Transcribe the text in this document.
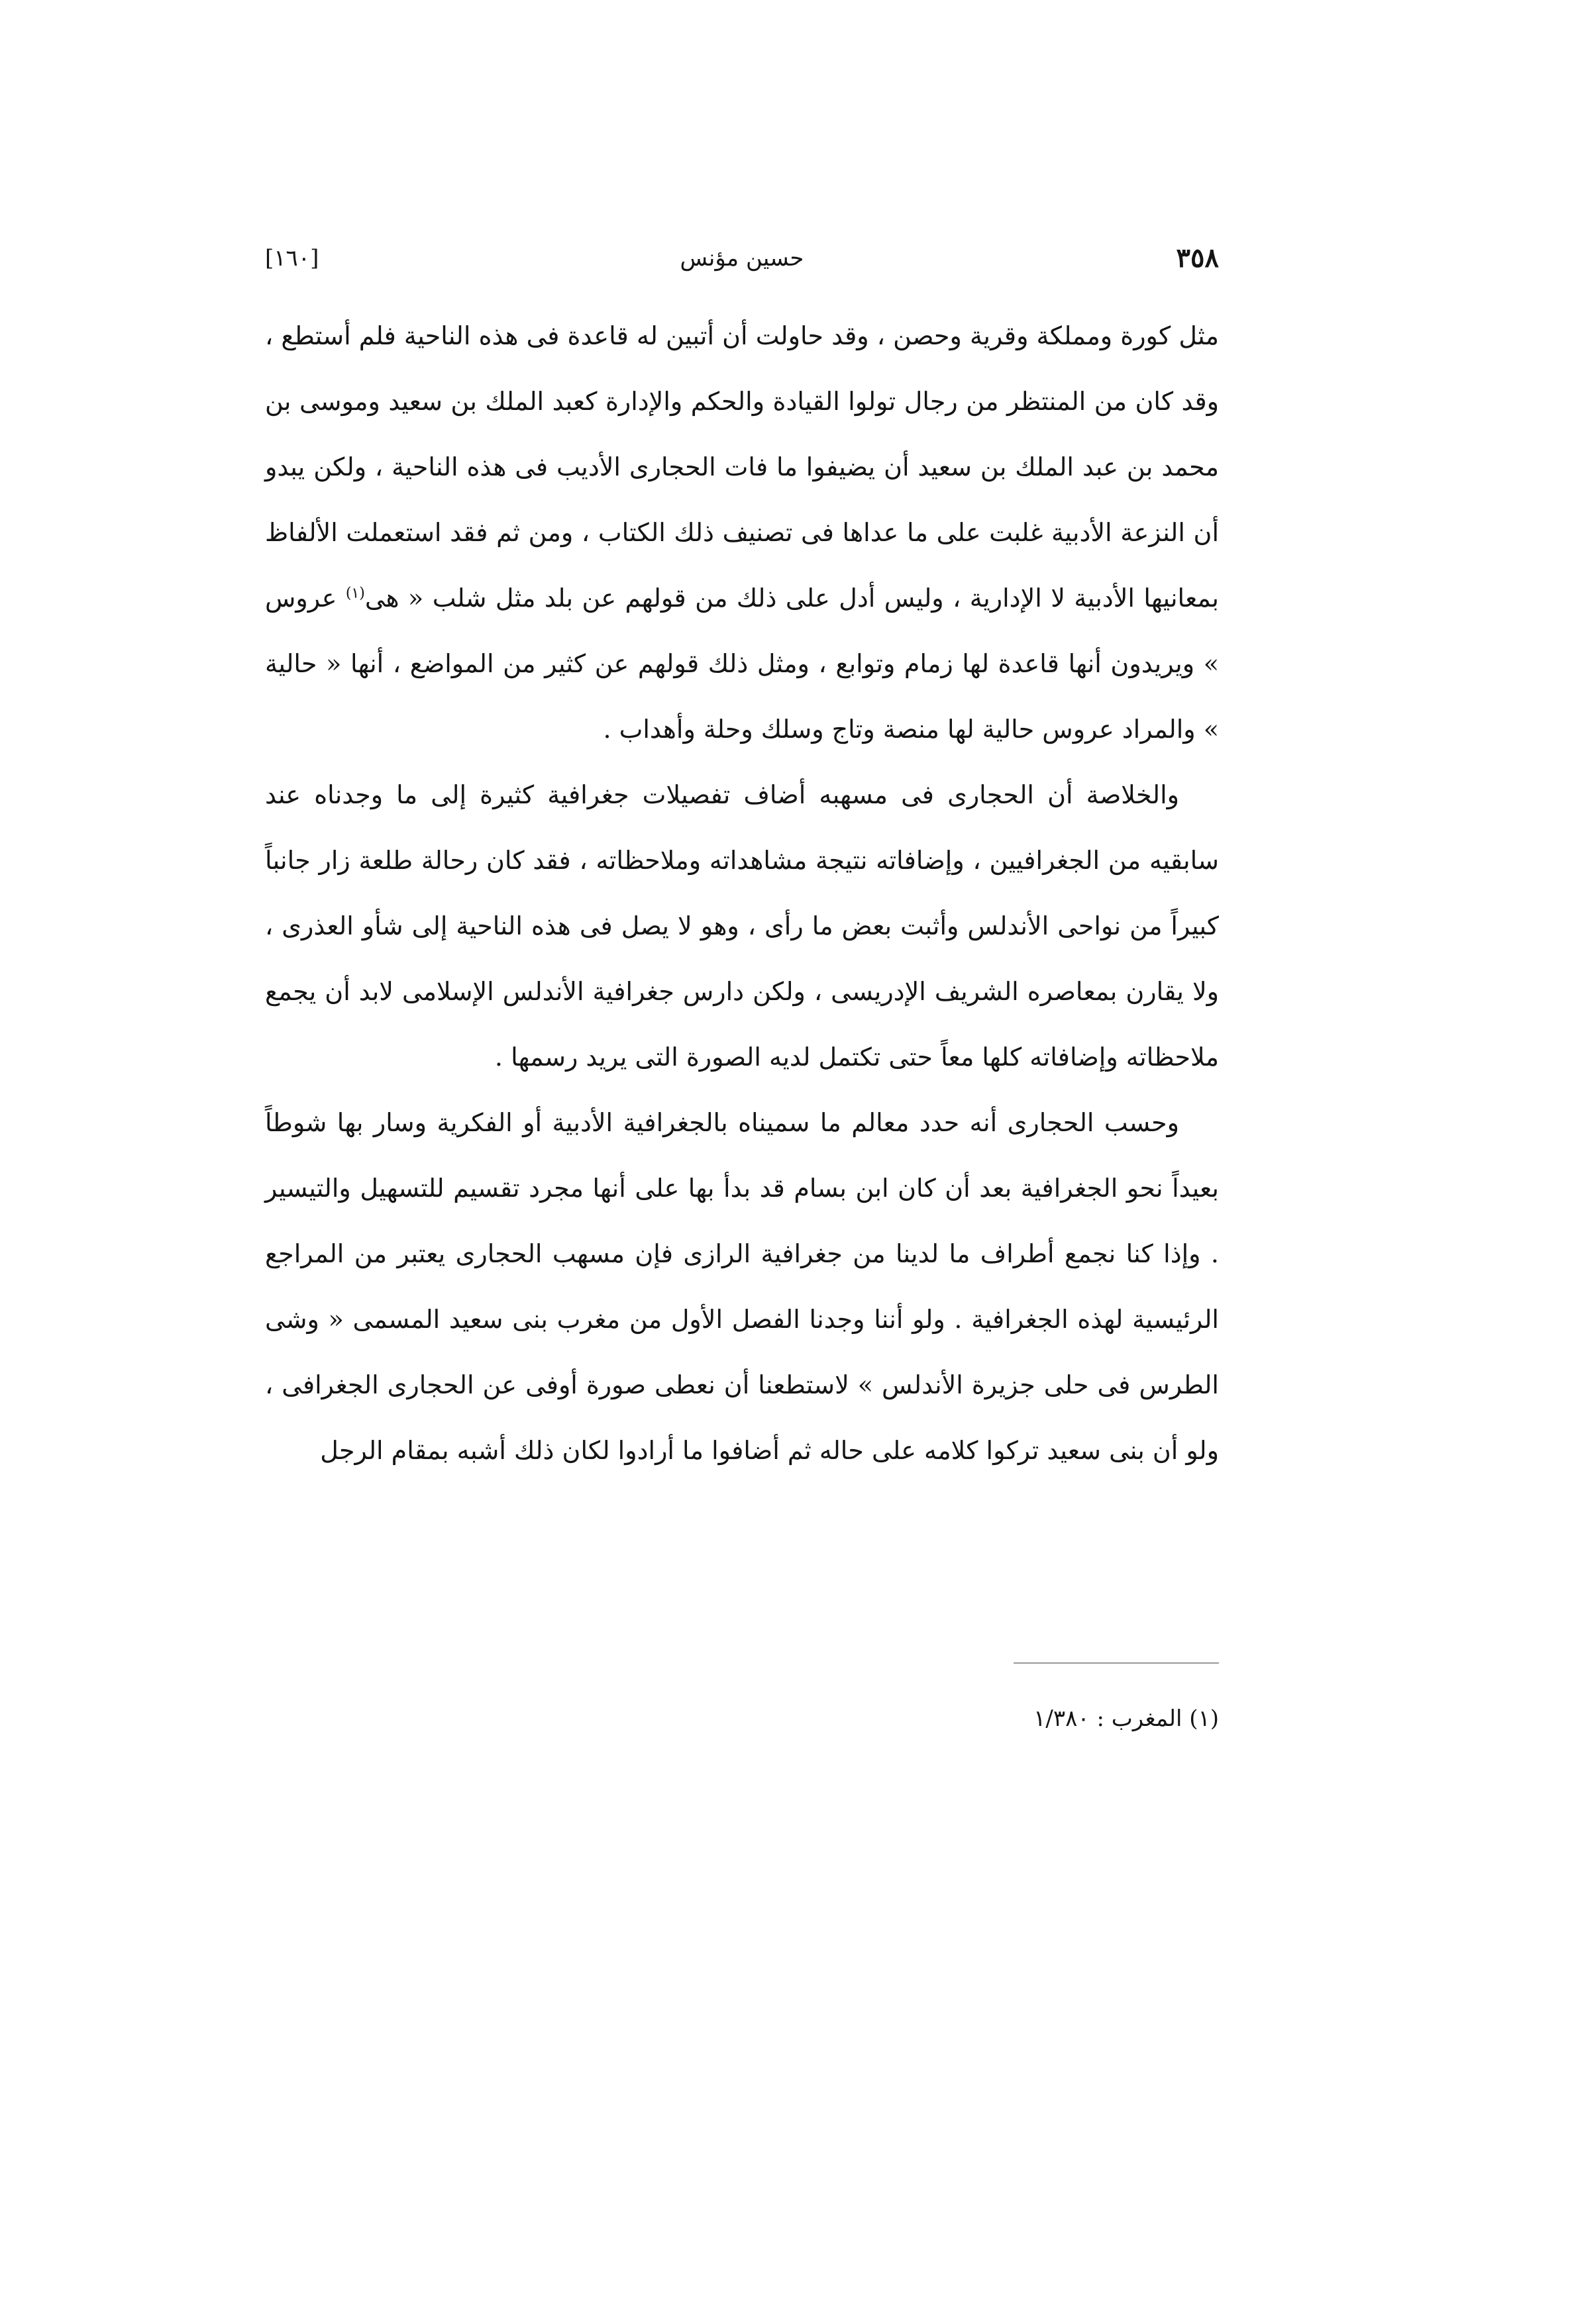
٣٥٨
حسين مؤنس
[١٦٠]

مثل كورة ومملكة وقرية وحصن ، وقد حاولت أن أتبين له قاعدة فى هذه الناحية فلم أستطع ، وقد كان من المنتظر من رجال تولوا القيادة والحكم والإدارة كعبد الملك بن سعيد وموسى بن محمد بن عبد الملك بن سعيد أن يضيفوا ما فات الحجارى الأديب فى هذه الناحية ، ولكن يبدو أن النزعة الأدبية غلبت على ما عداها فى تصنيف ذلك الكتاب ، ومن ثم فقد استعملت الألفاظ بمعانيها الأدبية لا الإدارية ، وليس أدل على ذلك من قولهم عن بلد مثل شلب « هى$^{(١)}$ عروس » ويريدون أنها قاعدة لها زمام وتوابع ، ومثل ذلك قولهم عن كثير من المواضع ، أنها « حالية » والمراد عروس حالية لها منصة وتاج وسلك وحلة وأهداب .

والخلاصة أن الحجارى فى مسهبه أضاف تفصيلات جغرافية كثيرة إلى ما وجدناه عند سابقيه من الجغرافيين ، وإضافاته نتيجة مشاهداته وملاحظاته ، فقد كان رحالة طلعة زار جانباً كبيراً من نواحى الأندلس وأثبت بعض ما رأى ، وهو لا يصل فى هذه الناحية إلى شأو العذرى ، ولا يقارن بمعاصره الشريف الإدريسى ، ولكن دارس جغرافية الأندلس الإسلامى لابد أن يجمع ملاحظاته وإضافاته كلها معاً حتى تكتمل لديه الصورة التى يريد رسمها .

وحسب الحجارى أنه حدد معالم ما سميناه بالجغرافية الأدبية أو الفكرية وسار بها شوطاً بعيداً نحو الجغرافية بعد أن كان ابن بسام قد بدأ بها على أنها مجرد تقسيم للتسهيل والتيسير . وإذا كنا نجمع أطراف ما لدينا من جغرافية الرازى فإن مسهب الحجارى يعتبر من المراجع الرئيسية لهذه الجغرافية . ولو أننا وجدنا الفصل الأول من مغرب بنى سعيد المسمى « وشى الطرس فى حلى جزيرة الأندلس » لاستطعنا أن نعطى صورة أوفى عن الحجارى الجغرافى ، ولو أن بنى سعيد تركوا كلامه على حاله ثم أضافوا ما أرادوا لكان ذلك أشبه بمقام الرجل

(١) المغرب : ١/٣٨٠
